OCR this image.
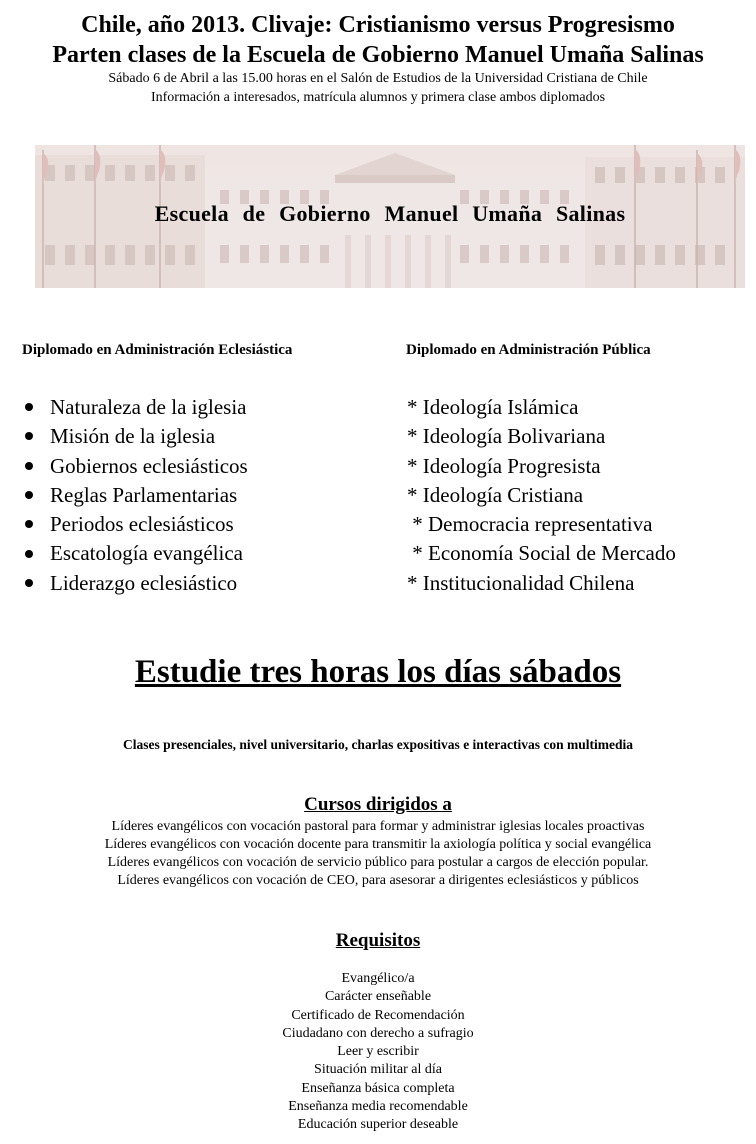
Chile, año 2013. Clivaje: Cristianismo versus Progresismo
Parten clases de la Escuela de Gobierno Manuel Umaña Salinas
Sábado 6 de Abril a las 15.00 horas en el Salón de Estudios de la Universidad Cristiana de Chile
Información a interesados, matrícula alumnos y primera clase ambos diplomados
Escuela de Gobierno Manuel Umaña Salinas
Diplomado en Administración Eclesiástica	Diplomado en Administración Pública
Naturaleza de la iglesia
Misión de la iglesia
Gobiernos eclesiásticos
Reglas Parlamentarias
Periodos eclesiásticos
Escatología evangélica
Liderazgo eclesiástico
* Ideología Islámica
* Ideología Bolivariana
* Ideología Progresista
* Ideología Cristiana
* Democracia representativa
* Economía Social de Mercado
* Institucionalidad Chilena
Estudie tres horas los días sábados
Clases presenciales, nivel universitario, charlas expositivas e interactivas con multimedia
Cursos dirigidos a
Líderes evangélicos con vocación pastoral para formar y administrar iglesias locales proactivas
Líderes evangélicos con vocación docente para transmitir la axiología política y social evangélica
Líderes evangélicos con vocación de servicio público para postular a cargos de elección popular.
Líderes evangélicos con vocación de CEO, para asesorar a dirigentes eclesiásticos y públicos
Requisitos
Evangélico/a
Carácter enseñable
Certificado de Recomendación
Ciudadano con derecho a sufragio
Leer y escribir
Situación militar al día
Enseñanza básica completa
Enseñanza media recomendable
Educación superior deseable
